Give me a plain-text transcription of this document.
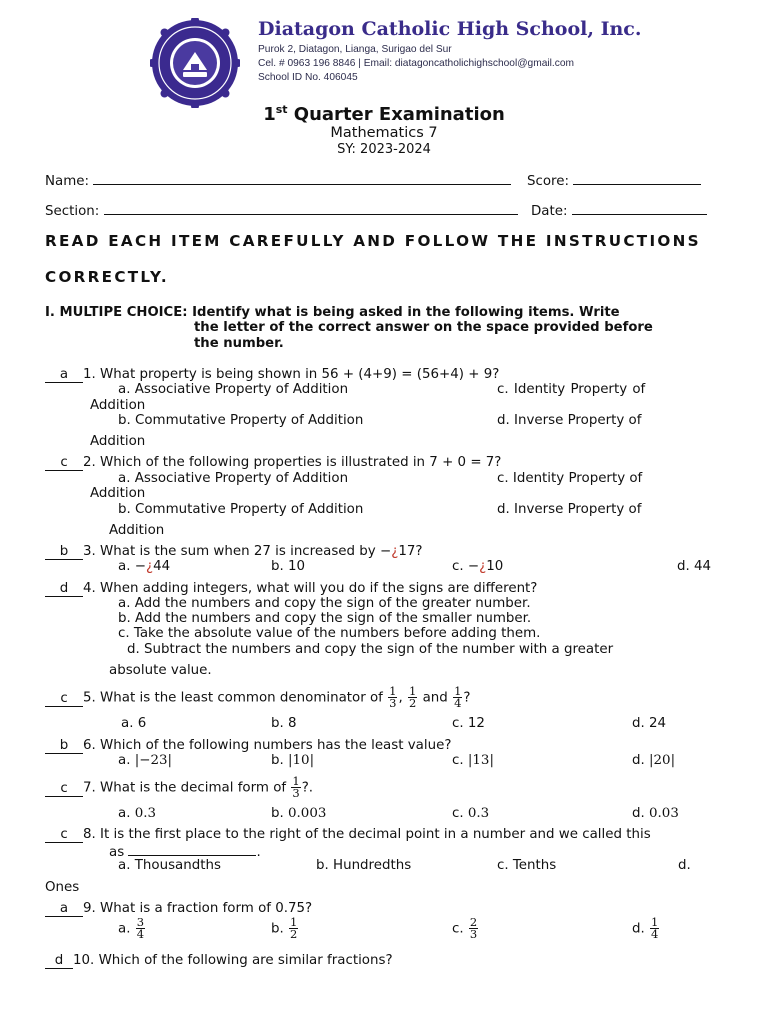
Diatagon Catholic High School, Inc.
Purok 2, Diatagon, Lianga, Surigao del Sur
Cel. # 0963 196 8846 | Email: diatagoncatholichighschool@gmail.com
School ID No. 406045
1st Quarter Examination
Mathematics 7
SY: 2023-2024
Name:	Score:
Section:	Date:
READ EACH ITEM CAREFULLY AND FOLLOW THE INSTRUCTIONS
CORRECTLY.
I. MULTIPE CHOICE: Identify what is being asked in the following items. Write
the letter of the correct answer on the space provided before
the number.
a 1. What property is being shown in 56 + (4+9) = (56+4) + 9?
a. Associative Property of Addition	c. Identity Property of
Addition
b. Commutative Property of Addition	d. Inverse Property of
Addition
c 2. Which of the following properties is illustrated in 7 + 0 = 7?
a. Associative Property of Addition	c. Identity Property of
Addition
b. Commutative Property of Addition	d. Inverse Property of
Addition
b 3. What is the sum when 27 is increased by −¿17?
a. −¿44	b. 10	c. −¿10	d. 44
d 4. When adding integers, what will you do if the signs are different?
a. Add the numbers and copy the sign of the greater number.
b. Add the numbers and copy the sign of the smaller number.
c. Take the absolute value of the numbers before adding them.
d. Subtract the numbers and copy the sign of the number with a greater
absolute value.
c 5. What is the least common denominator of $\frac{1}{3}$ , $\frac{1}{2}$ and $\frac{1}{4}$ ?
a. 6	b. 8	c. 12	d. 24
b 6. Which of the following numbers has the least value?
a. |−23|	b. |10|	c. |13|	d. |20|
c 7. What is the decimal form of $\frac{1}{3}$ ?.
a. 0.3	b. 0.003	c. 0.3	d. 0.03
c 8. It is the first place to the right of the decimal point in a number and we called this
as	.
a. Thousandths	b. Hundredths	c. Tenths	d.
Ones
a 9. What is a fraction form of 0.75?
a. $\frac{3}{4}$	b. $\frac{1}{2}$	c. $\frac{2}{3}$	d. $\frac{1}{4}$
d 10. Which of the following are similar fractions?
